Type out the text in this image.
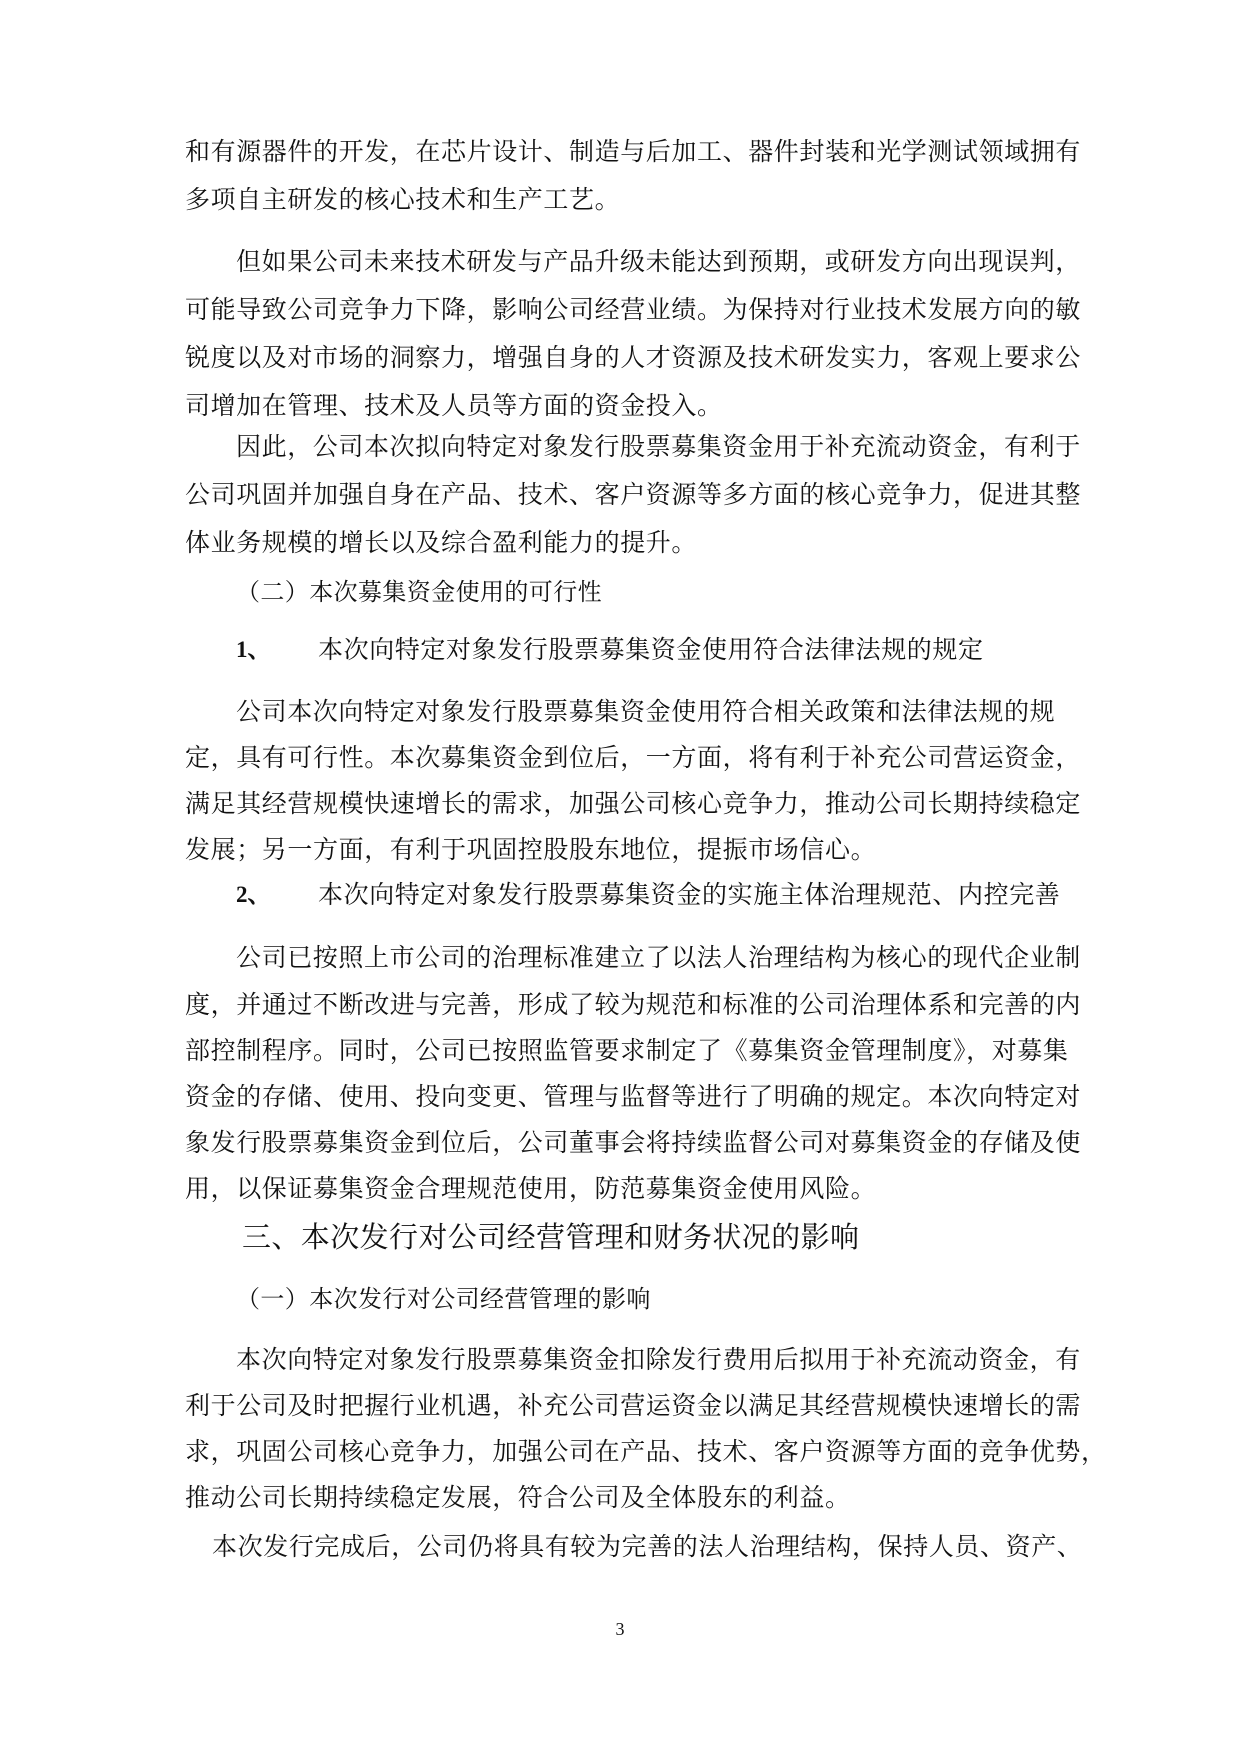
和有源器件的开发，在芯片设计、制造与后加工、器件封装和光学测试领域拥有
多项自主研发的核心技术和生产工艺。
但如果公司未来技术研发与产品升级未能达到预期，或研发方向出现误判，
可能导致公司竞争力下降，影响公司经营业绩。为保持对行业技术发展方向的敏
锐度以及对市场的洞察力，增强自身的人才资源及技术研发实力，客观上要求公
司增加在管理、技术及人员等方面的资金投入。
因此，公司本次拟向特定对象发行股票募集资金用于补充流动资金，有利于
公司巩固并加强自身在产品、技术、客户资源等多方面的核心竞争力，促进其整
体业务规模的增长以及综合盈利能力的提升。
（二）本次募集资金使用的可行性
1、 本次向特定对象发行股票募集资金使用符合法律法规的规定
公司本次向特定对象发行股票募集资金使用符合相关政策和法律法规的规
定，具有可行性。本次募集资金到位后，一方面，将有利于补充公司营运资金，
满足其经营规模快速增长的需求，加强公司核心竞争力，推动公司长期持续稳定
发展；另一方面，有利于巩固控股股东地位，提振市场信心。
2、 本次向特定对象发行股票募集资金的实施主体治理规范、内控完善
公司已按照上市公司的治理标准建立了以法人治理结构为核心的现代企业制
度，并通过不断改进与完善，形成了较为规范和标准的公司治理体系和完善的内
部控制程序。同时，公司已按照监管要求制定了《募集资金管理制度》，对募集
资金的存储、使用、投向变更、管理与监督等进行了明确的规定。本次向特定对
象发行股票募集资金到位后，公司董事会将持续监督公司对募集资金的存储及使
用，以保证募集资金合理规范使用，防范募集资金使用风险。
三、本次发行对公司经营管理和财务状况的影响
（一）本次发行对公司经营管理的影响
本次向特定对象发行股票募集资金扣除发行费用后拟用于补充流动资金，有
利于公司及时把握行业机遇，补充公司营运资金以满足其经营规模快速增长的需
求，巩固公司核心竞争力，加强公司在产品、技术、客户资源等方面的竞争优势，
推动公司长期持续稳定发展，符合公司及全体股东的利益。
本次发行完成后，公司仍将具有较为完善的法人治理结构，保持人员、资产、
3
